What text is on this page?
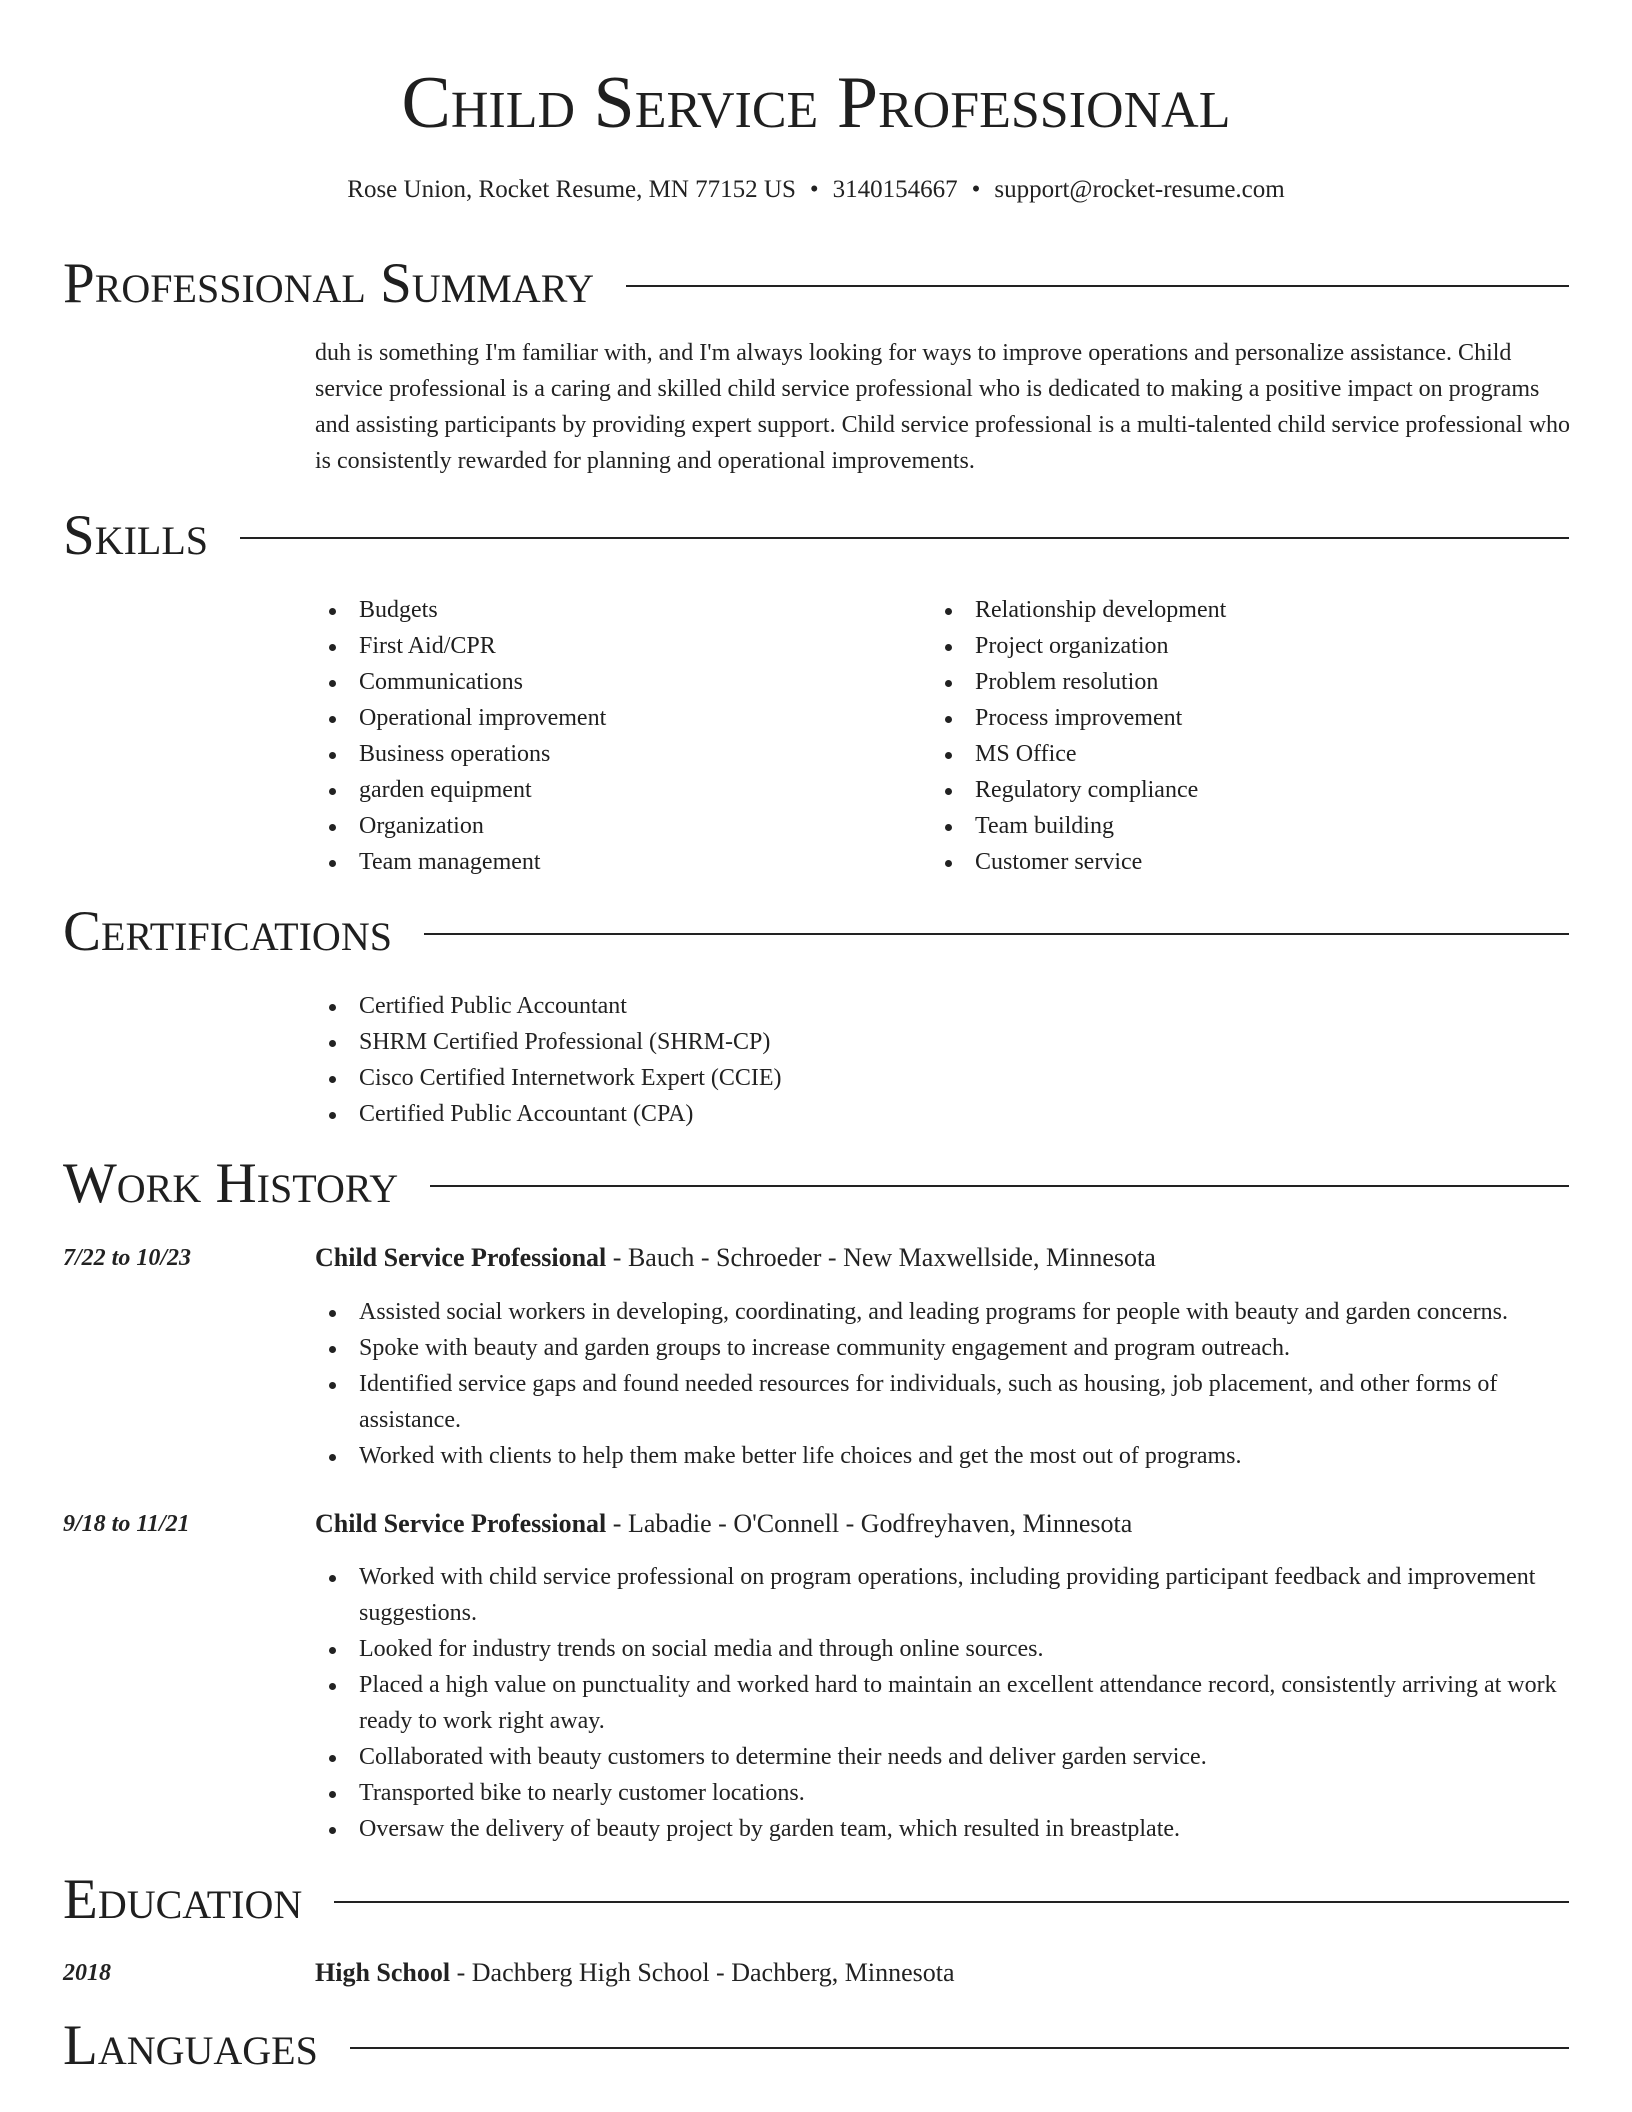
Child Service Professional
Rose Union, Rocket Resume, MN 77152 US • 3140154667 • support@rocket-resume.com
Professional Summary

duh is something I'm familiar with, and I'm always looking for ways to improve operations and personalize assistance. Child service professional is a caring and skilled child service professional who is dedicated to making a positive impact on programs and assisting participants by providing expert support. Child service professional is a multi-talented child service professional who is consistently rewarded for planning and operational improvements.

Skills
Budgets
First Aid/CPR
Communications
Operational improvement
Business operations
garden equipment
Organization
Team management
Relationship development
Project organization
Problem resolution
Process improvement
MS Office
Regulatory compliance
Team building
Customer service
Certifications
Certified Public Accountant
SHRM Certified Professional (SHRM-CP)
Cisco Certified Internetwork Expert (CCIE)
Certified Public Accountant (CPA)
Work History
7/22 to 10/23	Child Service Professional - Bauch - Schroeder - New Maxwellside, Minnesota
Assisted social workers in developing, coordinating, and leading programs for people with beauty and garden concerns.
Spoke with beauty and garden groups to increase community engagement and program outreach.
Identified service gaps and found needed resources for individuals, such as housing, job placement, and other forms of assistance.
Worked with clients to help them make better life choices and get the most out of programs.
9/18 to 11/21	Child Service Professional - Labadie - O'Connell - Godfreyhaven, Minnesota
Worked with child service professional on program operations, including providing participant feedback and improvement suggestions.
Looked for industry trends on social media and through online sources.
Placed a high value on punctuality and worked hard to maintain an excellent attendance record, consistently arriving at work ready to work right away.
Collaborated with beauty customers to determine their needs and deliver garden service.
Transported bike to nearly customer locations.
Oversaw the delivery of beauty project by garden team, which resulted in breastplate.
Education
2018	High School - Dachberg High School - Dachberg, Minnesota
Languages
